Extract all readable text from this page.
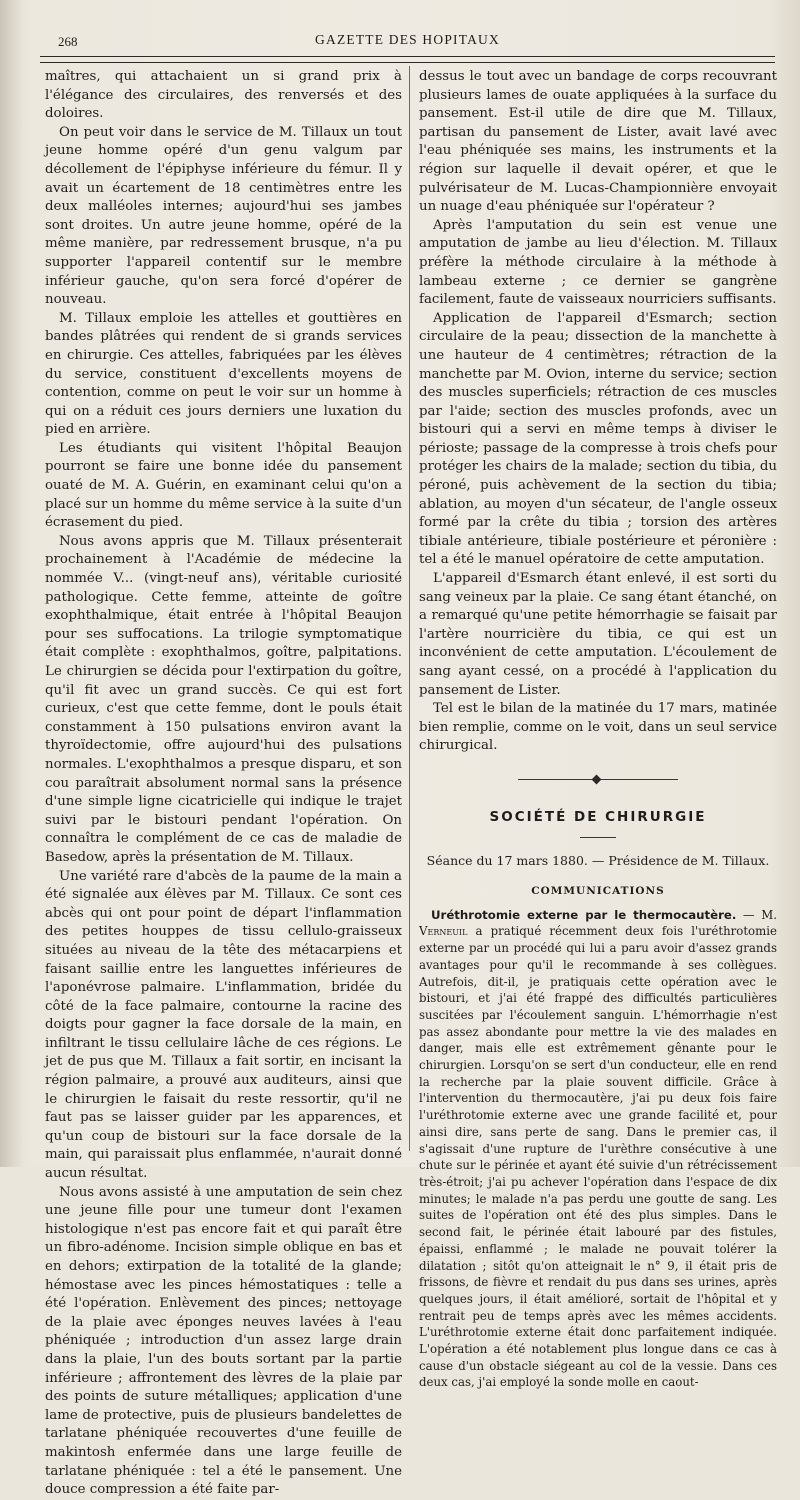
268	GAZETTE DES HOPITAUX

maîtres, qui attachaient un si grand prix à l'élégance des circulaires, des renversés et des doloires.

On peut voir dans le service de M. Tillaux un tout jeune homme opéré d'un genu valgum par décollement de l'épiphyse inférieure du fémur. Il y avait un écartement de 18 centimètres entre les deux malléoles internes; aujourd'hui ses jambes sont droites. Un autre jeune homme, opéré de la même manière, par redressement brusque, n'a pu supporter l'appareil contentif sur le membre inférieur gauche, qu'on sera forcé d'opérer de nouveau.

M. Tillaux emploie les attelles et gouttières en bandes plâtrées qui rendent de si grands services en chirurgie. Ces attelles, fabriquées par les élèves du service, constituent d'excellents moyens de contention, comme on peut le voir sur un homme à qui on a réduit ces jours derniers une luxation du pied en arrière.

Les étudiants qui visitent l'hôpital Beaujon pourront se faire une bonne idée du pansement ouaté de M. A. Guérin, en examinant celui qu'on a placé sur un homme du même service à la suite d'un écrasement du pied.

Nous avons appris que M. Tillaux présenterait prochainement à l'Académie de médecine la nommée V... (vingt-neuf ans), véritable curiosité pathologique. Cette femme, atteinte de goître exophthalmique, était entrée à l'hôpital Beaujon pour ses suffocations. La trilogie symptomatique était complète : exophthalmos, goître, palpitations. Le chirurgien se décida pour l'extirpation du goître, qu'il fit avec un grand succès. Ce qui est fort curieux, c'est que cette femme, dont le pouls était constamment à 150 pulsations environ avant la thyroïdectomie, offre aujourd'hui des pulsations normales. L'exophthalmos a presque disparu, et son cou paraîtrait absolument normal sans la présence d'une simple ligne cicatricielle qui indique le trajet suivi par le bistouri pendant l'opération. On connaîtra le complément de ce cas de maladie de Basedow, après la présentation de M. Tillaux.

Une variété rare d'abcès de la paume de la main a été signalée aux élèves par M. Tillaux. Ce sont ces abcès qui ont pour point de départ l'inflammation des petites houppes de tissu cellulo-graisseux situées au niveau de la tête des métacarpiens et faisant saillie entre les languettes inférieures de l'aponévrose palmaire. L'inflammation, bridée du côté de la face palmaire, contourne la racine des doigts pour gagner la face dorsale de la main, en infiltrant le tissu cellulaire lâche de ces régions. Le jet de pus que M. Tillaux a fait sortir, en incisant la région palmaire, a prouvé aux auditeurs, ainsi que le chirurgien le faisait du reste ressortir, qu'il ne faut pas se laisser guider par les apparences, et qu'un coup de bistouri sur la face dorsale de la main, qui paraissait plus enflammée, n'aurait donné aucun résultat.

Nous avons assisté à une amputation de sein chez une jeune fille pour une tumeur dont l'examen histologique n'est pas encore fait et qui paraît être un fibro-adénome. Incision simple oblique en bas et en dehors; extirpation de la totalité de la glande; hémostase avec les pinces hémostatiques : telle a été l'opération. Enlèvement des pinces; nettoyage de la plaie avec éponges neuves lavées à l'eau phéniquée ; introduction d'un assez large drain dans la plaie, l'un des bouts sortant par la partie inférieure ; affrontement des lèvres de la plaie par des points de suture métalliques; application d'une lame de protective, puis de plusieurs bandelettes de tarlatane phéniquée recouvertes d'une feuille de makintosh enfermée dans une large feuille de tarlatane phéniquée : tel a été le pansement. Une douce compression a été faite par-

dessus le tout avec un bandage de corps recouvrant plusieurs lames de ouate appliquées à la surface du pansement. Est-il utile de dire que M. Tillaux, partisan du pansement de Lister, avait lavé avec l'eau phéniquée ses mains, les instruments et la région sur laquelle il devait opérer, et que le pulvérisateur de M. Lucas-Championnière envoyait un nuage d'eau phéniquée sur l'opérateur ?

Après l'amputation du sein est venue une amputation de jambe au lieu d'élection. M. Tillaux préfère la méthode circulaire à la méthode à lambeau externe ; ce dernier se gangrène facilement, faute de vaisseaux nourriciers suffisants.

Application de l'appareil d'Esmarch; section circulaire de la peau; dissection de la manchette à une hauteur de 4 centimètres; rétraction de la manchette par M. Ovion, interne du service; section des muscles superficiels; rétraction de ces muscles par l'aide; section des muscles profonds, avec un bistouri qui a servi en même temps à diviser le périoste; passage de la compresse à trois chefs pour protéger les chairs de la malade; section du tibia, du péroné, puis achèvement de la section du tibia; ablation, au moyen d'un sécateur, de l'angle osseux formé par la crête du tibia ; torsion des artères tibiale antérieure, tibiale postérieure et péronière : tel a été le manuel opératoire de cette amputation.

L'appareil d'Esmarch étant enlevé, il est sorti du sang veineux par la plaie. Ce sang étant étanché, on a remarqué qu'une petite hémorrhagie se faisait par l'artère nourricière du tibia, ce qui est un inconvénient de cette amputation. L'écoulement de sang ayant cessé, on a procédé à l'application du pansement de Lister.

Tel est le bilan de la matinée du 17 mars, matinée bien remplie, comme on le voit, dans un seul service chirurgical.

SOCIÉTÉ DE CHIRURGIE
Séance du 17 mars 1880. — Présidence de M. Tillaux.
COMMUNICATIONS

Uréthrotomie externe par le thermocautère. — M. Verneuil a pratiqué récemment deux fois l'uréthrotomie externe par un procédé qui lui a paru avoir d'assez grands avantages pour qu'il le recommande à ses collègues. Autrefois, dit-il, je pratiquais cette opération avec le bistouri, et j'ai été frappé des difficultés particulières suscitées par l'écoulement sanguin. L'hémorrhagie n'est pas assez abondante pour mettre la vie des malades en danger, mais elle est extrêmement gênante pour le chirurgien. Lorsqu'on se sert d'un conducteur, elle en rend la recherche par la plaie souvent difficile. Grâce à l'intervention du thermocautère, j'ai pu deux fois faire l'uréthrotomie externe avec une grande facilité et, pour ainsi dire, sans perte de sang. Dans le premier cas, il s'agissait d'une rupture de l'urèthre consécutive à une chute sur le périnée et ayant été suivie d'un rétrécissement très-étroit; j'ai pu achever l'opération dans l'espace de dix minutes; le malade n'a pas perdu une goutte de sang. Les suites de l'opération ont été des plus simples. Dans le second fait, le périnée était labouré par des fistules, épaissi, enflammé ; le malade ne pouvait tolérer la dilatation ; sitôt qu'on atteignait le n° 9, il était pris de frissons, de fièvre et rendait du pus dans ses urines, après quelques jours, il était amélioré, sortait de l'hôpital et y rentrait peu de temps après avec les mêmes accidents. L'uréthrotomie externe était donc parfaitement indiquée. L'opération a été notablement plus longue dans ce cas à cause d'un obstacle siégeant au col de la vessie. Dans ces deux cas, j'ai employé la sonde molle en caout-
